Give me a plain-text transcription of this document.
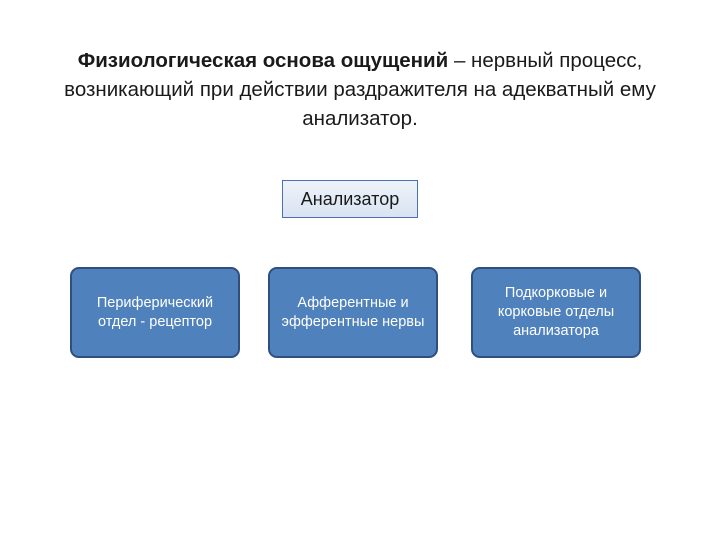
Физиологическая основа ощущений – нервный процесс, возникающий при действии раздражителя на адекватный ему анализатор.
Анализатор
Периферический отдел - рецептор
Афферентные и эфферентные нервы
Подкорковые и корковые отделы анализатора
